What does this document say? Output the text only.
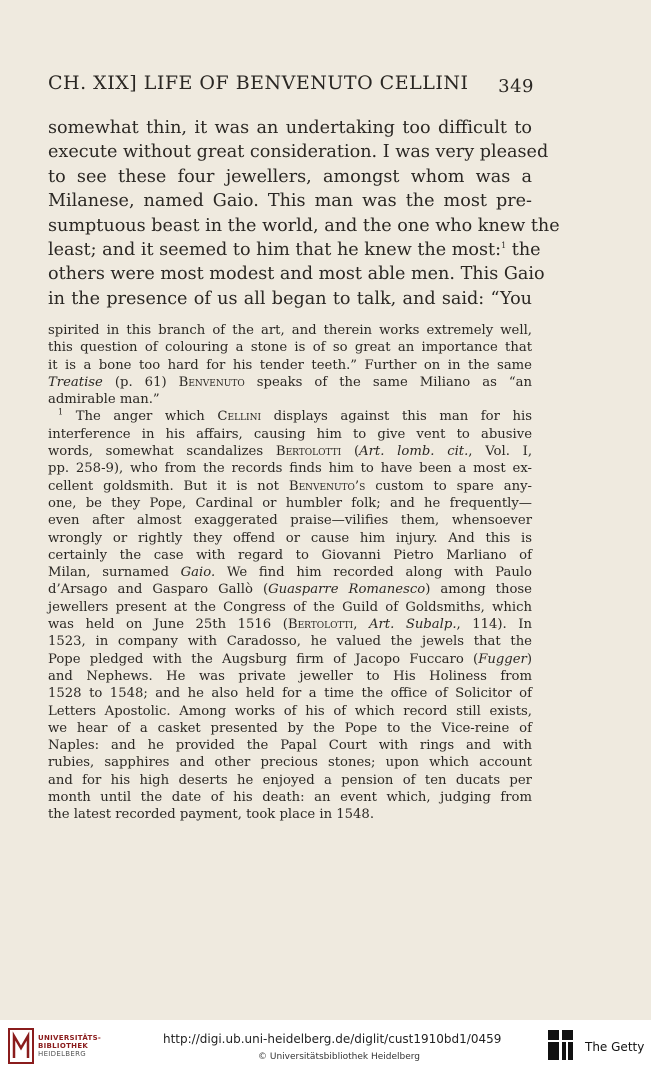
CH. XIX] LIFE OF BENVENUTO CELLINI 349
somewhat thin, it was an undertaking too difficult to
execute without great consideration. I was very pleased
to see these four jewellers, amongst whom was a
Milanese, named Gaio. This man was the most pre-
sumptuous beast in the world, and the one who knew the
least; and it seemed to him that he knew the most:$^1$ the
others were most modest and most able men. This Gaio
in the presence of us all began to talk, and said: “You
spirited in this branch of the art, and therein works extremely well,
this question of colouring a stone is of so great an importance that
it is a bone too hard for his tender teeth.” Further on in the same
Treatise (p. 61) Benvenuto speaks of the same Miliano as “an
admirable man.”
$^1$ The anger which Cellini displays against this man for his
interference in his affairs, causing him to give vent to abusive
words, somewhat scandalizes Bertolotti (Art. lomb. cit., Vol. I,
pp. 258-9), who from the records finds him to have been a most ex-
cellent goldsmith. But it is not Benvenuto’s custom to spare any-
one, be they Pope, Cardinal or humbler folk; and he frequently—
even after almost exaggerated praise—vilifies them, whensoever
wrongly or rightly they offend or cause him injury. And this is
certainly the case with regard to Giovanni Pietro Marliano of
Milan, surnamed Gaio. We find him recorded along with Paulo
d’Arsago and Gasparo Gallò (Guasparre Romanesco) among those
jewellers present at the Congress of the Guild of Goldsmiths, which
was held on June 25th 1516 (Bertolotti, Art. Subalp., 114). In
1523, in company with Caradosso, he valued the jewels that the
Pope pledged with the Augsburg firm of Jacopo Fuccaro (Fugger)
and Nephews. He was private jeweller to His Holiness from
1528 to 1548; and he also held for a time the office of Solicitor of
Letters Apostolic. Among works of his of which record still exists,
we hear of a casket presented by the Pope to the Vice-reine of
Naples: and he provided the Papal Court with rings and with
rubies, sapphires and other precious stones; upon which account
and for his high deserts he enjoyed a pension of ten ducats per
month until the date of his death: an event which, judging from
the latest recorded payment, took place in 1548.
UNIVERSITÄTS-
BIBLIOTHEK
HEIDELBERG
http://digi.ub.uni-heidelberg.de/diglit/cust1910bd1/0459
© Universitätsbibliothek Heidelberg
The Getty
